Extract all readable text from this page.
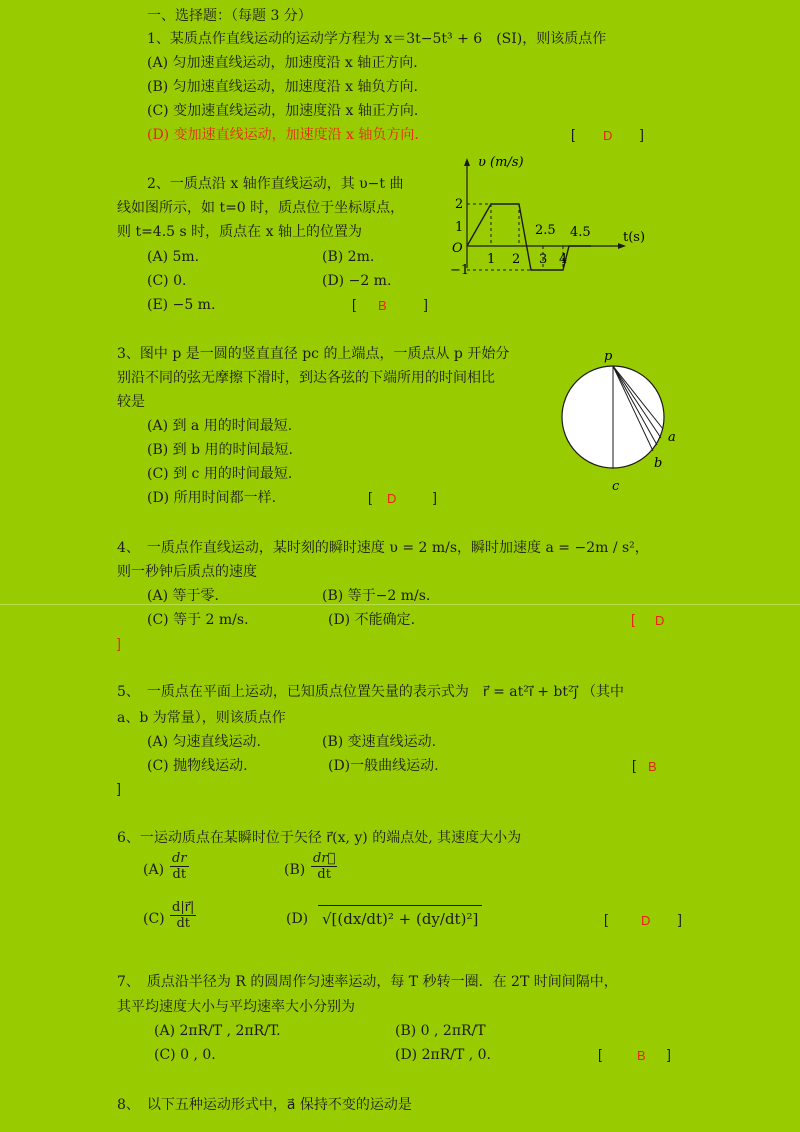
一、选择题：（每题 3 分）
1、某质点作直线运动的运动学方程为 x＝3t−5t³ + 6　(SI)，则该质点作
(A) 匀加速直线运动，加速度沿 x 轴正方向.
(B) 匀加速直线运动，加速度沿 x 轴负方向.
(C) 变加速直线运动，加速度沿 x 轴正方向.
(D) 变加速直线运动，加速度沿 x 轴负方向.	[ D ]
2、一质点沿 x 轴作直线运动，其 υ−t 曲
线如图所示，如 t=0 时，质点位于坐标原点，
则 t=4.5 s 时，质点在 x 轴上的位置为
(A) 5m.	(B) 2m.
(C) 0.	(D) −2 m.
(E) −5 m.	[ B	]
υ (m/s)
t(s)
O
2
1
−1
1 2 3 4
2.5 4.5
3、图中 p 是一圆的竖直直径 pc 的上端点，一质点从 p 开始分
别沿不同的弦无摩擦下滑时，到达各弦的下端所用的时间相比
较是
(A) 到 a 用的时间最短.
(B) 到 b 用的时间最短.
(C) 到 c 用的时间最短.
(D) 所用时间都一样.	[ D	]
p
a
b
c
4、　一质点作直线运动，某时刻的瞬时速度 υ = 2 m/s，瞬时加速度 a = −2m / s²，
则一秒钟后质点的速度
(A) 等于零.	(B) 等于−2 m/s.
(C) 等于 2 m/s.	(D) 不能确定.	[ D
]
5、　一质点在平面上运动，已知质点位置矢量的表示式为　r⃗ = at²i⃗ + bt²j⃗ （其中
a、b 为常量），则该质点作
(A) 匀速直线运动.	(B) 变速直线运动.
(C) 抛物线运动.	(D)一般曲线运动.	[ B
]
6、一运动质点在某瞬时位于矢径 r⃗(x, y) 的端点处, 其速度大小为
$(A) \frac{dr}{dt}$	$(B) \frac{dr⃗}{dt}$
$(C) \frac{d|r⃗|}{dt}$	(D) √[(dx/dt)² + (dy/dt)²]	[	D ]
7、　质点沿半径为 R 的圆周作匀速率运动，每 T 秒转一圈．在 2T 时间间隔中，
其平均速度大小与平均速率大小分别为
(A) 2πR/T , 2πR/T.	(B) 0 , 2πR/T
(C) 0 , 0.	(D) 2πR/T , 0.	[	B ]
8、　以下五种运动形式中，a⃗ 保持不变的运动是
